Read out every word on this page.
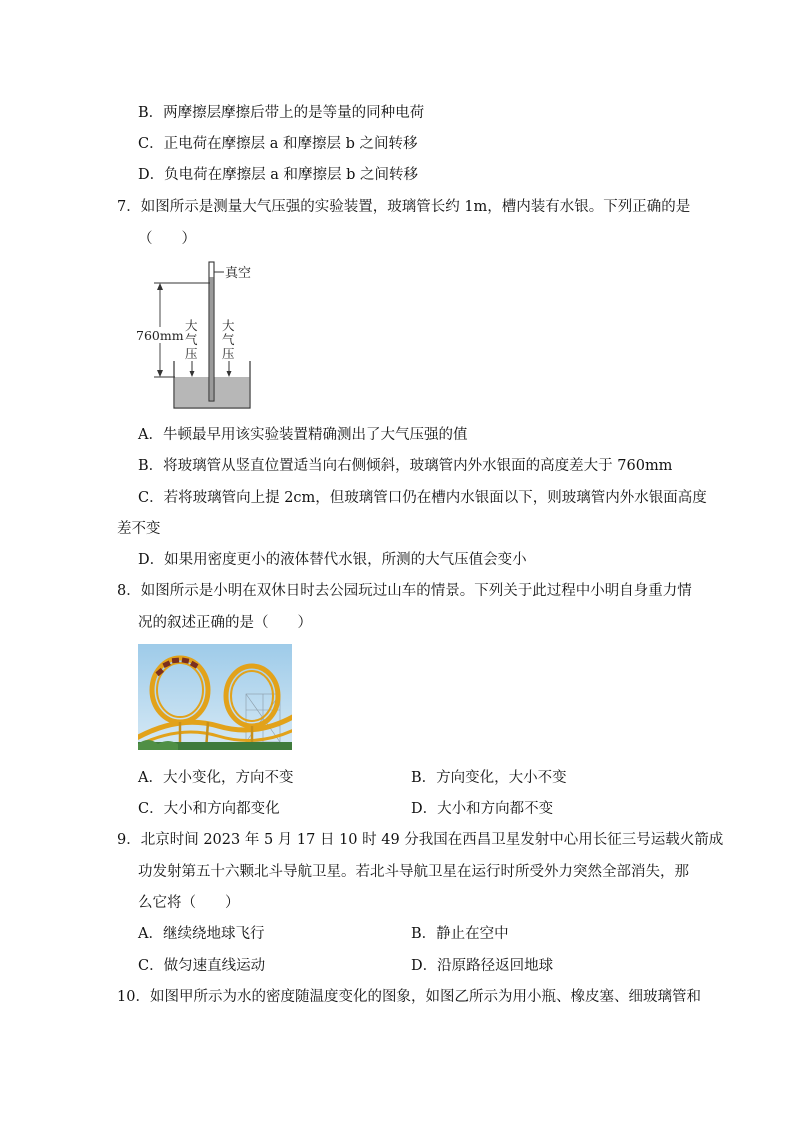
B．两摩擦层摩擦后带上的是等量的同种电荷
C．正电荷在摩擦层 a 和摩擦层 b 之间转移
D．负电荷在摩擦层 a 和摩擦层 b 之间转移
7．如图所示是测量大气压强的实验装置，玻璃管长约 1m，槽内装有水银。下列正确的是
（　　）
真空
760mm
大
气
压
大
气
压
A．牛顿最早用该实验装置精确测出了大气压强的值
B．将玻璃管从竖直位置适当向右侧倾斜，玻璃管内外水银面的高度差大于 760mm
C．若将玻璃管向上提 2cm，但玻璃管口仍在槽内水银面以下，则玻璃管内外水银面高度
差不变
D．如果用密度更小的液体替代水银，所测的大气压值会变小
8．如图所示是小明在双休日时去公园玩过山车的情景。下列关于此过程中小明自身重力情
况的叙述正确的是（　　）
A．大小变化，方向不变	B．方向变化，大小不变
C．大小和方向都变化	D．大小和方向都不变
9．北京时间 2023 年 5 月 17 日 10 时 49 分我国在西昌卫星发射中心用长征三号运载火箭成
功发射第五十六颗北斗导航卫星。若北斗导航卫星在运行时所受外力突然全部消失，那
么它将（　　）
A．继续绕地球飞行	B．静止在空中
C．做匀速直线运动	D．沿原路径返回地球
10．如图甲所示为水的密度随温度变化的图象，如图乙所示为用小瓶、橡皮塞、细玻璃管和
